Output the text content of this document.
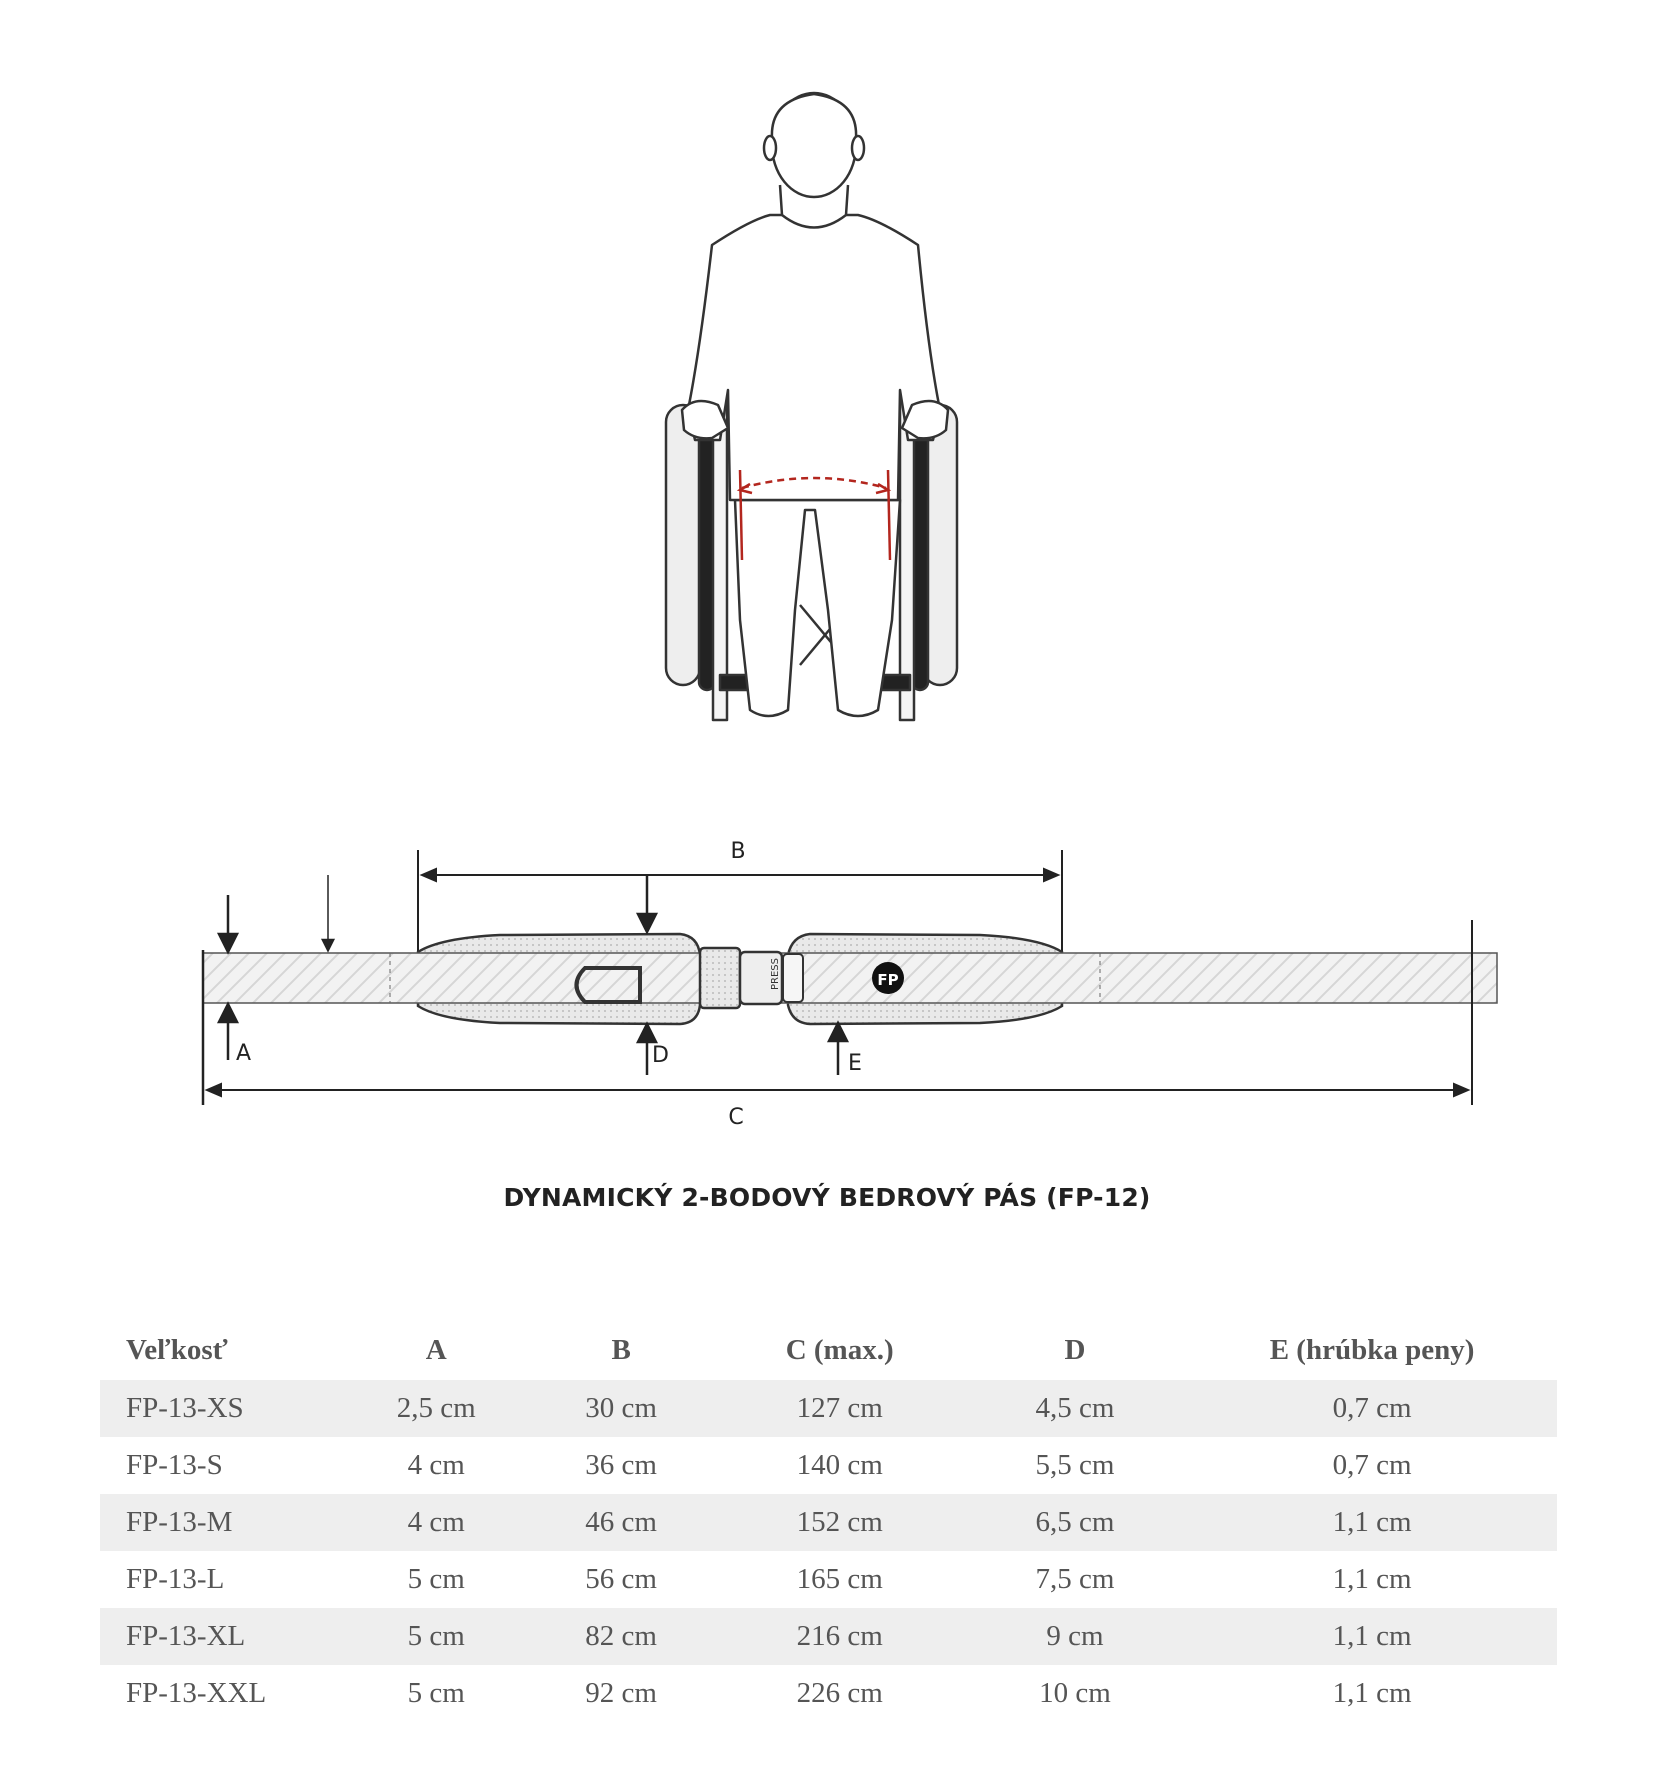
B
PRESS	FP
A	D	E
C
DYNAMICKÝ 2-BODOVÝ BEDROVÝ PÁS (FP-12)
Veľkosť	A	B	C (max.)	D	E (hrúbka peny)
FP-13-XS	2,5 cm	30 cm	127 cm	4,5 cm	0,7 cm
FP-13-S	4 cm	36 cm	140 cm	5,5 cm	0,7 cm
FP-13-M	4 cm	46 cm	152 cm	6,5 cm	1,1 cm
FP-13-L	5 cm	56 cm	165 cm	7,5 cm	1,1 cm
FP-13-XL	5 cm	82 cm	216 cm	9 cm	1,1 cm
FP-13-XXL	5 cm	92 cm	226 cm	10 cm	1,1 cm
